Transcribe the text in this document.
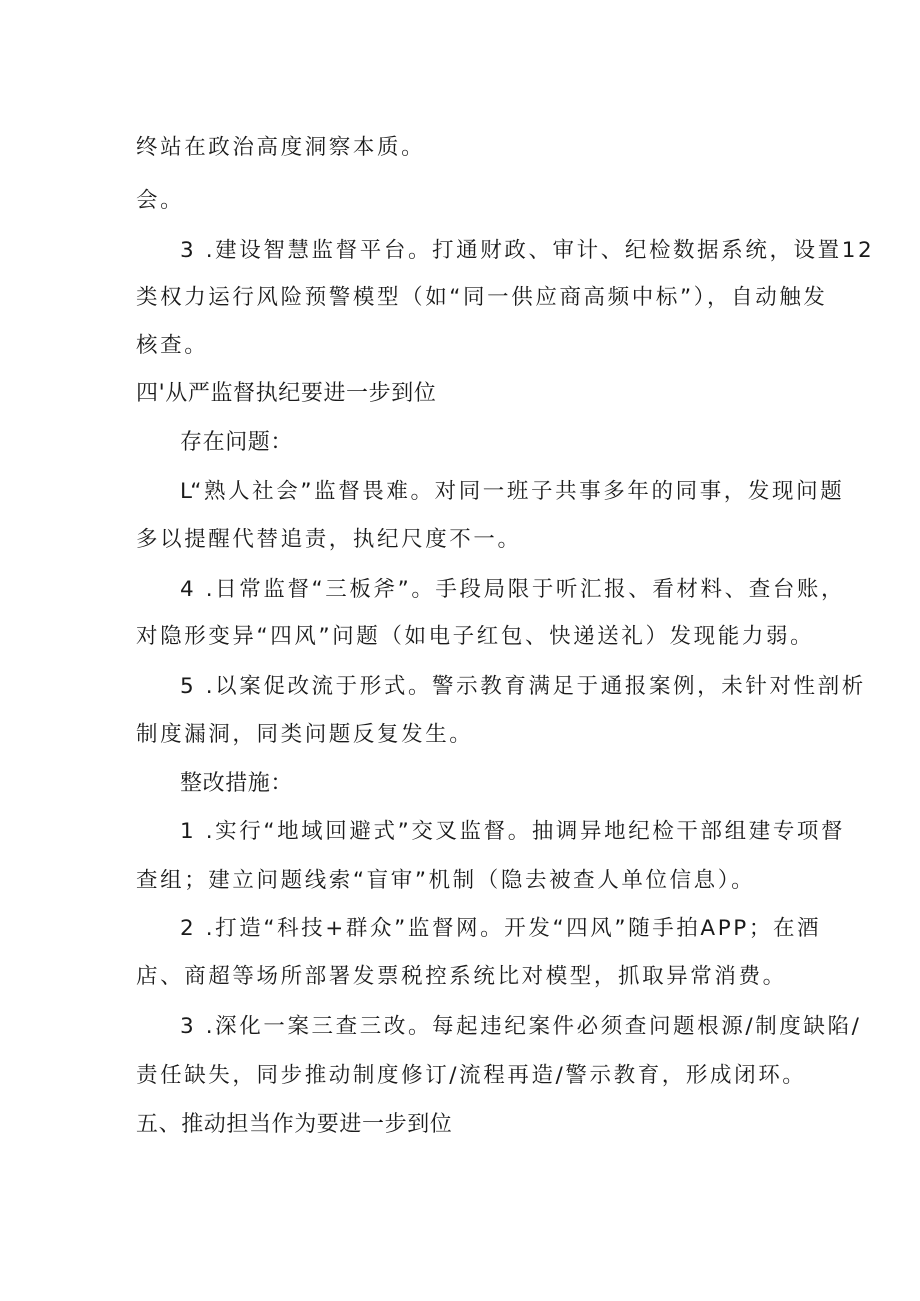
终站在政治高度洞察本质。
会。
3 .建设智慧监督平台。打通财政、审计、纪检数据系统，设置12
类权力运行风险预警模型（如“同一供应商高频中标”），自动触发
核查。
四'从严监督执纪要进一步到位
存在问题：
L“熟人社会”监督畏难。对同一班子共事多年的同事，发现问题
多以提醒代替追责，执纪尺度不一。
4 .日常监督“三板斧”。手段局限于听汇报、看材料、查台账，
对隐形变异“四风”问题（如电子红包、快递送礼）发现能力弱。
5 .以案促改流于形式。警示教育满足于通报案例，未针对性剖析
制度漏洞，同类问题反复发生。
整改措施：
1 .实行“地域回避式”交叉监督。抽调异地纪检干部组建专项督
查组；建立问题线索“盲审”机制（隐去被查人单位信息）。
2 .打造“科技+群众”监督网。开发“四风”随手拍APP；在酒
店、商超等场所部署发票税控系统比对模型，抓取异常消费。
3 .深化一案三查三改。每起违纪案件必须查问题根源/制度缺陷/
责任缺失，同步推动制度修订/流程再造/警示教育，形成闭环。
五、推动担当作为要进一步到位
